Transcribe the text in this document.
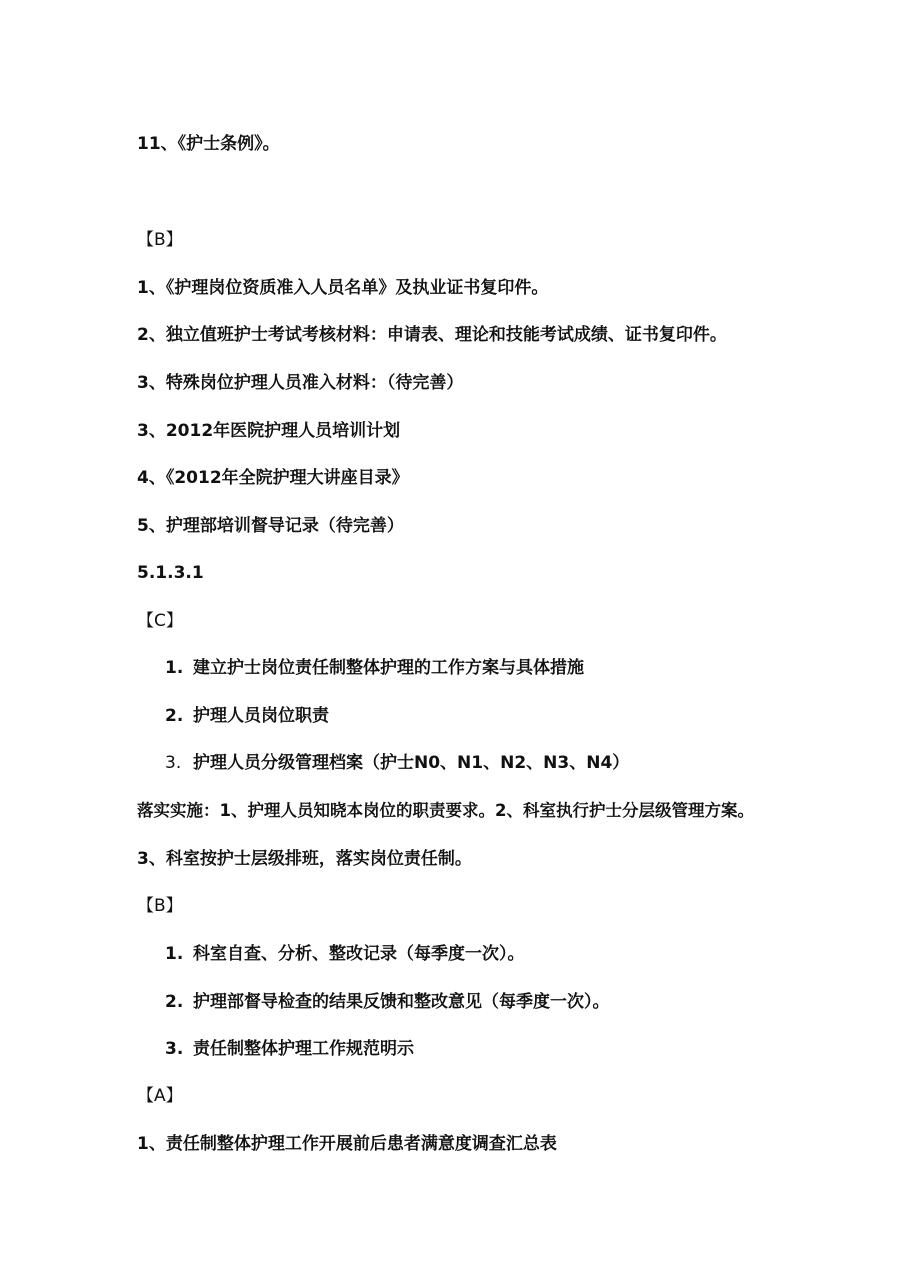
11、《护士条例》。
【B】
1、《护理岗位资质准入人员名单》及执业证书复印件。
2、独立值班护士考试考核材料：申请表、理论和技能考试成绩、证书复印件。
3、特殊岗位护理人员准入材料：（待完善）
3、2012年医院护理人员培训计划
4、《2012年全院护理大讲座目录》
5、护理部培训督导记录（待完善）
5.1.3.1
【C】
1. 建立护士岗位责任制整体护理的工作方案与具体措施
2. 护理人员岗位职责
3. 护理人员分级管理档案（护士N0、N1、N2、N3、N4）
落实实施：1、护理人员知晓本岗位的职责要求。2、科室执行护士分层级管理方案。
3、科室按护士层级排班，落实岗位责任制。
【B】
1. 科室自查、分析、整改记录（每季度一次）。
2. 护理部督导检查的结果反馈和整改意见（每季度一次）。
3. 责任制整体护理工作规范明示
【A】
1、责任制整体护理工作开展前后患者满意度调查汇总表
